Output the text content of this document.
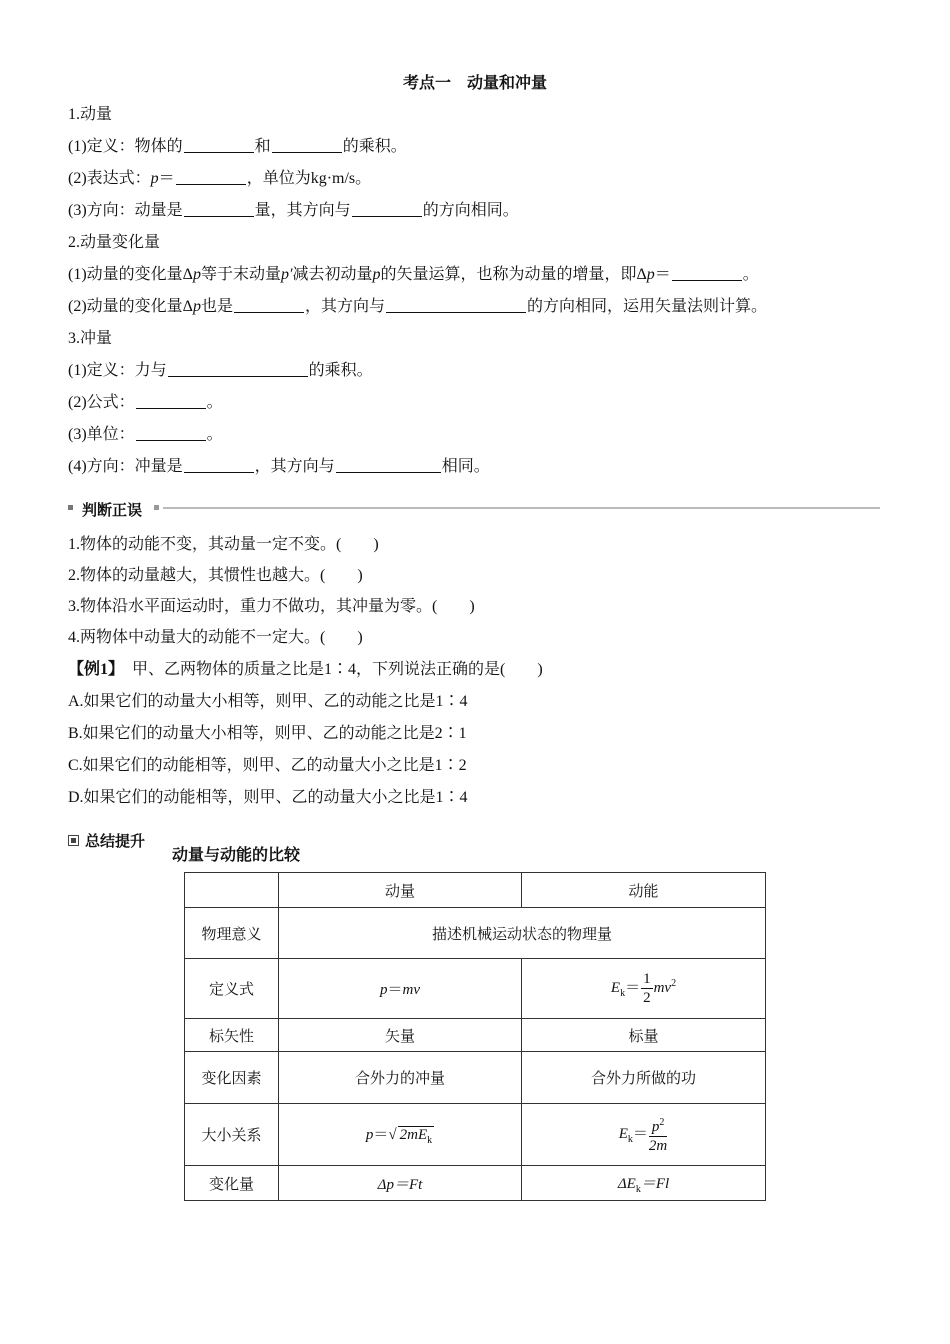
考点一　动量和冲量
1.动量
(1)定义：物体的	和	的乘积。
(2)表达式：p＝	，单位为kg·m/s。
(3)方向：动量是	量，其方向与	的方向相同。
2.动量变化量
(1)动量的变化量Δp等于末动量p′减去初动量p的矢量运算，也称为动量的增量，即Δp＝	。
(2)动量的变化量Δp也是	，其方向与	的方向相同，运用矢量法则计算。
3.冲量
(1)定义：力与	的乘积。
(2)公式：	。
(3)单位：	。
(4)方向：冲量是	，其方向与	相同。
判断正误
1.物体的动能不变，其动量一定不变。(　　)
2.物体的动量越大，其惯性也越大。(　　)
3.物体沿水平面运动时，重力不做功，其冲量为零。(　　)
4.两物体中动量大的动能不一定大。(　　)
【例1】　甲、乙两物体的质量之比是1∶4，下列说法正确的是(　　)
A.如果它们的动量大小相等，则甲、乙的动能之比是1∶4
B.如果它们的动量大小相等，则甲、乙的动能之比是2∶1
C.如果它们的动能相等，则甲、乙的动量大小之比是1∶2
D.如果它们的动能相等，则甲、乙的动量大小之比是1∶4
总结提升
动量与动能的比较
	动量	动能
物理意义	描述机械运动状态的物理量	
定义式	p＝mv	$E_k= \frac{1}{2} mv^2$
标矢性	矢量	标量
变化因素	合外力的冲量	合外力所做的功
大小关系	p＝√ $2mE_k$	$E_k= \frac{p^2}{2m}$

变化量	Δp＝Ft	$\Delta E_k=Fl$
